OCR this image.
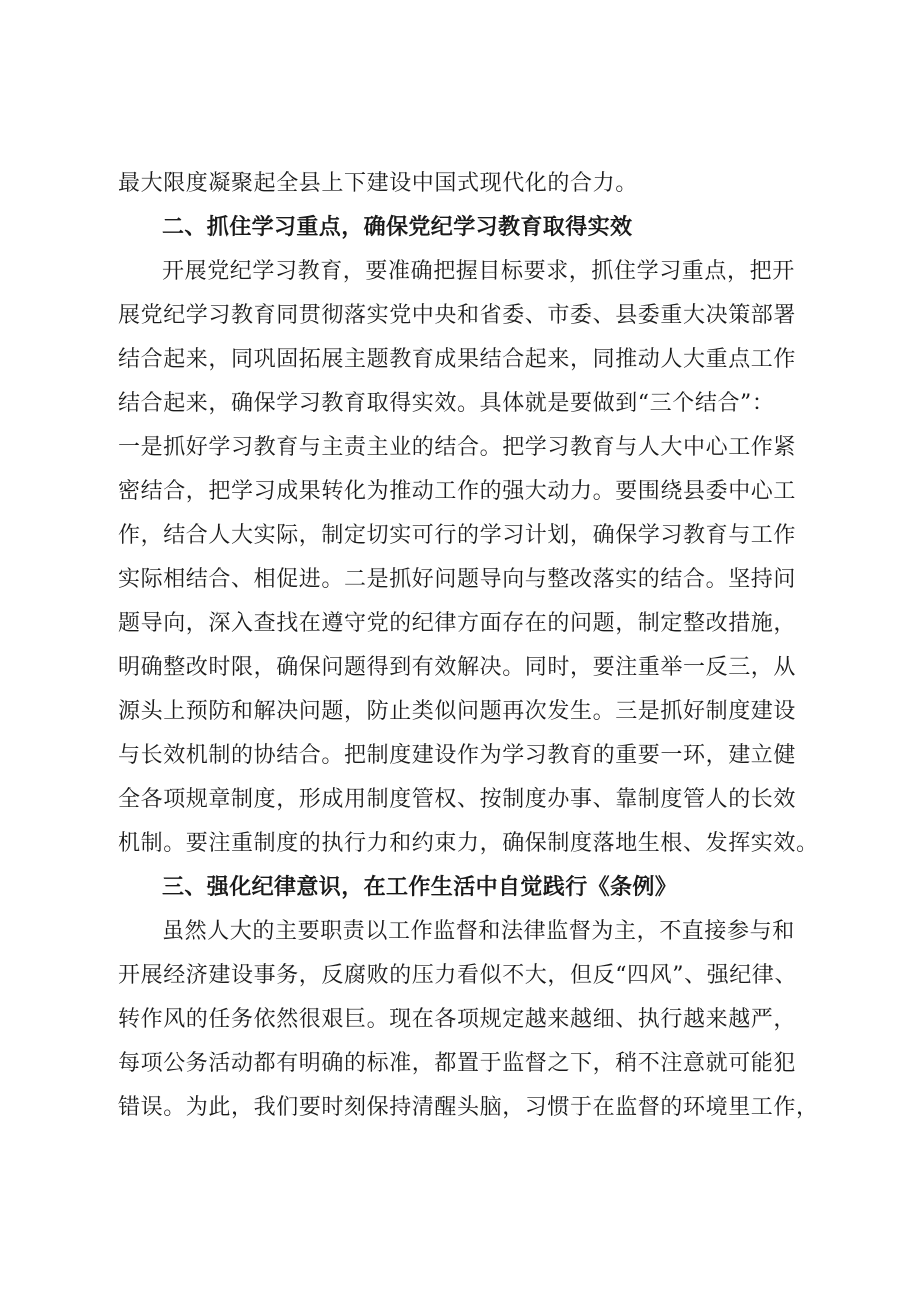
最大限度凝聚起全县上下建设中国式现代化的合力。
二、抓住学习重点，确保党纪学习教育取得实效
开展党纪学习教育，要准确把握目标要求，抓住学习重点，把开
展党纪学习教育同贯彻落实党中央和省委、市委、县委重大决策部署
结合起来，同巩固拓展主题教育成果结合起来，同推动人大重点工作
结合起来，确保学习教育取得实效。具体就是要做到“三个结合”：
一是抓好学习教育与主责主业的结合。把学习教育与人大中心工作紧
密结合，把学习成果转化为推动工作的强大动力。要围绕县委中心工
作，结合人大实际，制定切实可行的学习计划，确保学习教育与工作
实际相结合、相促进。二是抓好问题导向与整改落实的结合。坚持问
题导向，深入查找在遵守党的纪律方面存在的问题，制定整改措施，
明确整改时限，确保问题得到有效解决。同时，要注重举一反三，从
源头上预防和解决问题，防止类似问题再次发生。三是抓好制度建设
与长效机制的协结合。把制度建设作为学习教育的重要一环，建立健
全各项规章制度，形成用制度管权、按制度办事、靠制度管人的长效
机制。要注重制度的执行力和约束力，确保制度落地生根、发挥实效。
三、强化纪律意识，在工作生活中自觉践行《条例》
虽然人大的主要职责以工作监督和法律监督为主，不直接参与和
开展经济建设事务，反腐败的压力看似不大，但反“四风”、强纪律、
转作风的任务依然很艰巨。现在各项规定越来越细、执行越来越严，
每项公务活动都有明确的标准，都置于监督之下，稍不注意就可能犯
错误。为此，我们要时刻保持清醒头脑，习惯于在监督的环境里工作，
